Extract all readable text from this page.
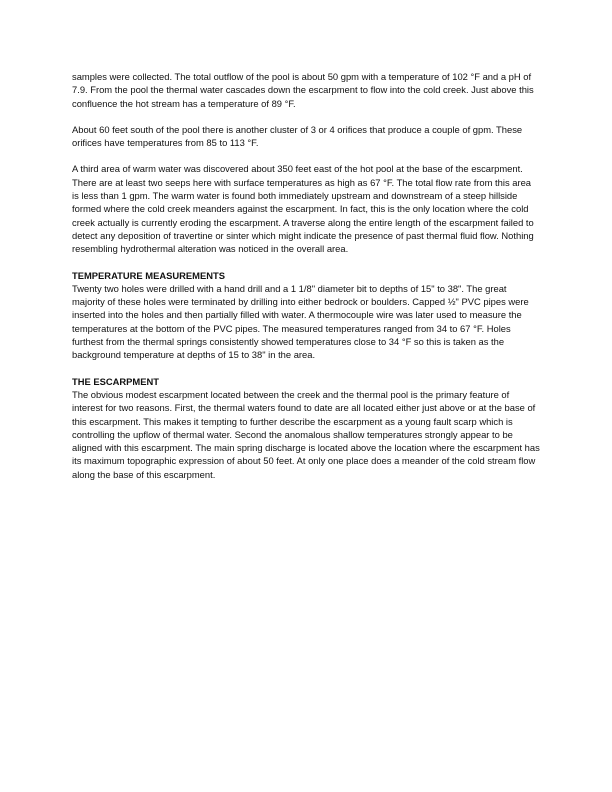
samples were collected. The total outflow of the pool is about 50 gpm with a temperature of 102 °F and a pH of 7.9. From the pool the thermal water cascades down the escarpment to flow into the cold creek. Just above this confluence the hot stream has a temperature of 89 °F.

About 60 feet south of the pool there is another cluster of 3 or 4 orifices that produce a couple of gpm. These orifices have temperatures from 85 to 113 °F.

A third area of warm water was discovered about 350 feet east of the hot pool at the base of the escarpment. There are at least two seeps here with surface temperatures as high as 67 °F. The total flow rate from this area is less than 1 gpm. The warm water is found both immediately upstream and downstream of a steep hillside formed where the cold creek meanders against the escarpment. In fact, this is the only location where the cold creek actually is currently eroding the escarpment. A traverse along the entire length of the escarpment failed to detect any deposition of travertine or sinter which might indicate the presence of past thermal fluid flow. Nothing resembling hydrothermal alteration was noticed in the overall area.

TEMPERATURE MEASUREMENTS

Twenty two holes were drilled with a hand drill and a 1 1/8" diameter bit to depths of 15" to 38". The great majority of these holes were terminated by drilling into either bedrock or boulders. Capped ½" PVC pipes were inserted into the holes and then partially filled with water. A thermocouple wire was later used to measure the temperatures at the bottom of the PVC pipes. The measured temperatures ranged from 34 to 67 °F. Holes furthest from the thermal springs consistently showed temperatures close to 34 °F so this is taken as the background temperature at depths of 15 to 38" in the area.

THE ESCARPMENT

The obvious modest escarpment located between the creek and the thermal pool is the primary feature of interest for two reasons. First, the thermal waters found to date are all located either just above or at the base of this escarpment. This makes it tempting to further describe the escarpment as a young fault scarp which is controlling the upflow of thermal water. Second the anomalous shallow temperatures strongly appear to be aligned with this escarpment. The main spring discharge is located above the location where the escarpment has its maximum topographic expression of about 50 feet. At only one place does a meander of the cold stream flow along the base of this escarpment.
